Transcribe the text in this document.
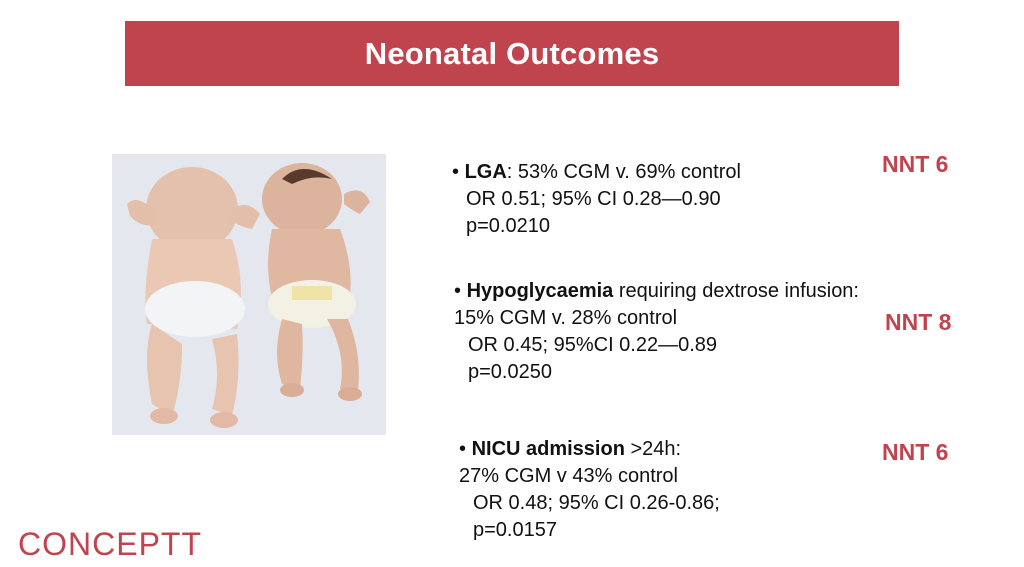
Neonatal Outcomes
• LGA: 53% CGM v. 69% control
OR 0.51; 95% CI 0.28—0.90
p=0.0210
NNT 6
• Hypoglycaemia requiring dextrose infusion:
15% CGM v. 28% control
OR 0.45; 95%CI 0.22—0.89
p=0.0250
NNT 8
• NICU admission >24h:
27% CGM v 43% control
OR 0.48; 95% CI 0.26-0.86;
p=0.0157
NNT 6
CONCEPTT
